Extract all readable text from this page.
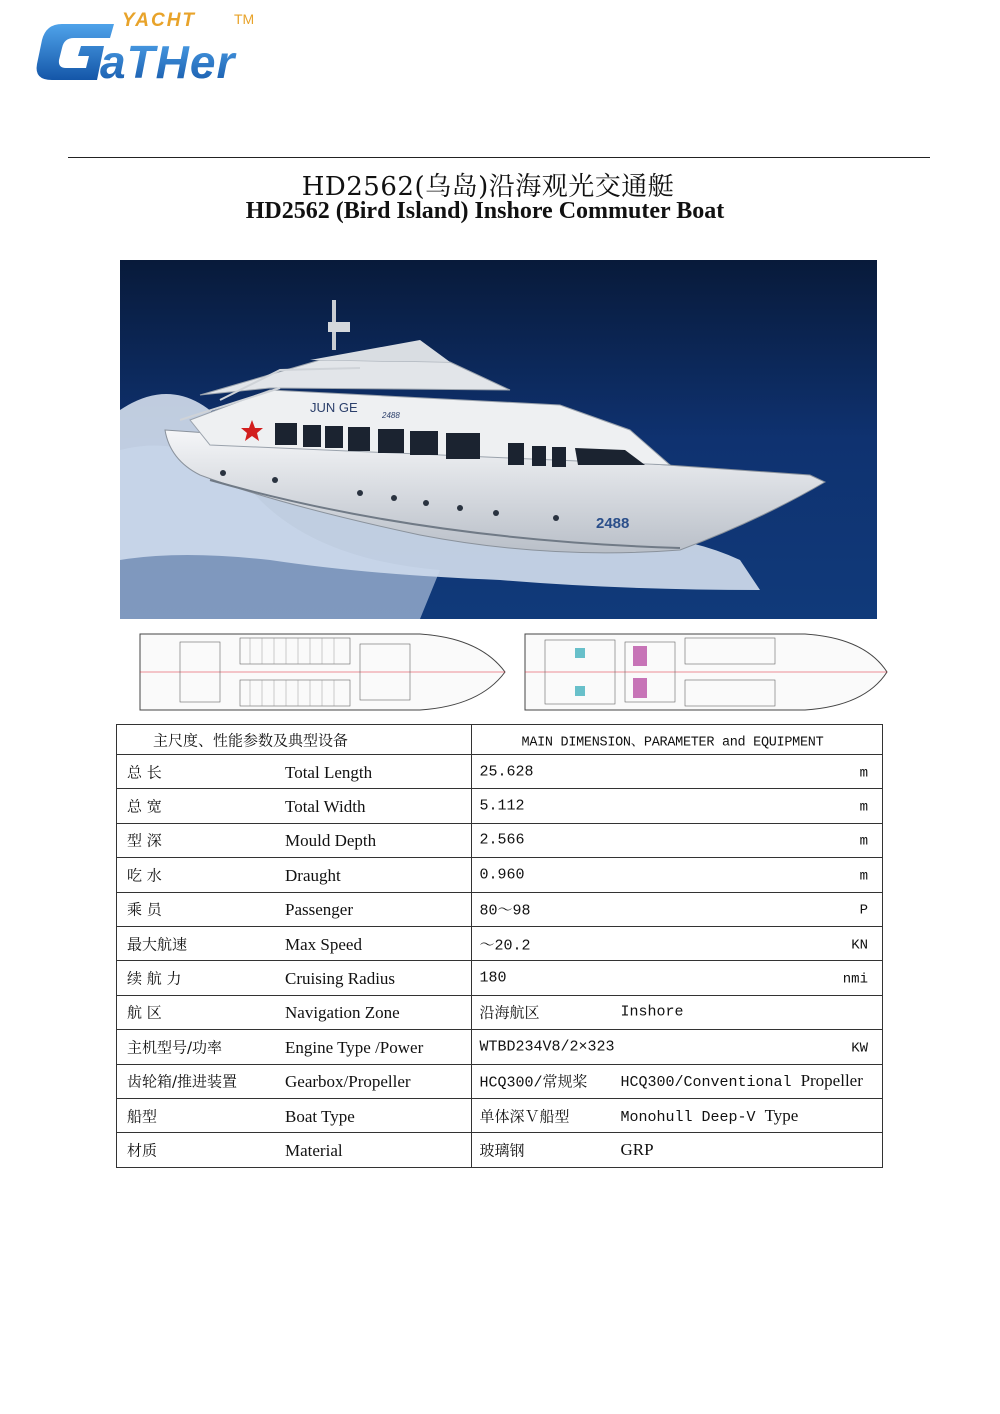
YACHT	TM
aTHer
HD2562(乌岛)沿海观光交通艇
HD2562 (Bird Island) Inshore Commuter Boat
JUN GE
2488
2488
主尺度、性能参数及典型设备	MAIN DIMENSION、PARAMETER and EQUIPMENT

总 长 Total Length	25.628 m

总 宽 Total Width	5.112 m

型 深 Mould Depth	2.566 m

吃 水 Draught	0.960 m

乘 员 Passenger	80～98 P

最大航速 Max Speed	～20.2 KN

续 航 力 Cruising Radius	180 nmi

航 区 Navigation Zone	沿海航区 Inshore

主机型号/功率 Engine Type /Power	WTBD234V8/2×323 KW

齿轮箱/推进装置 Gearbox/Propeller	HCQ300/常规桨 HCQ300/Conventional Propeller

船型 Boat Type	单体深Ｖ船型 Monohull Deep-V Type

材质 Material	玻璃钢 GRP
